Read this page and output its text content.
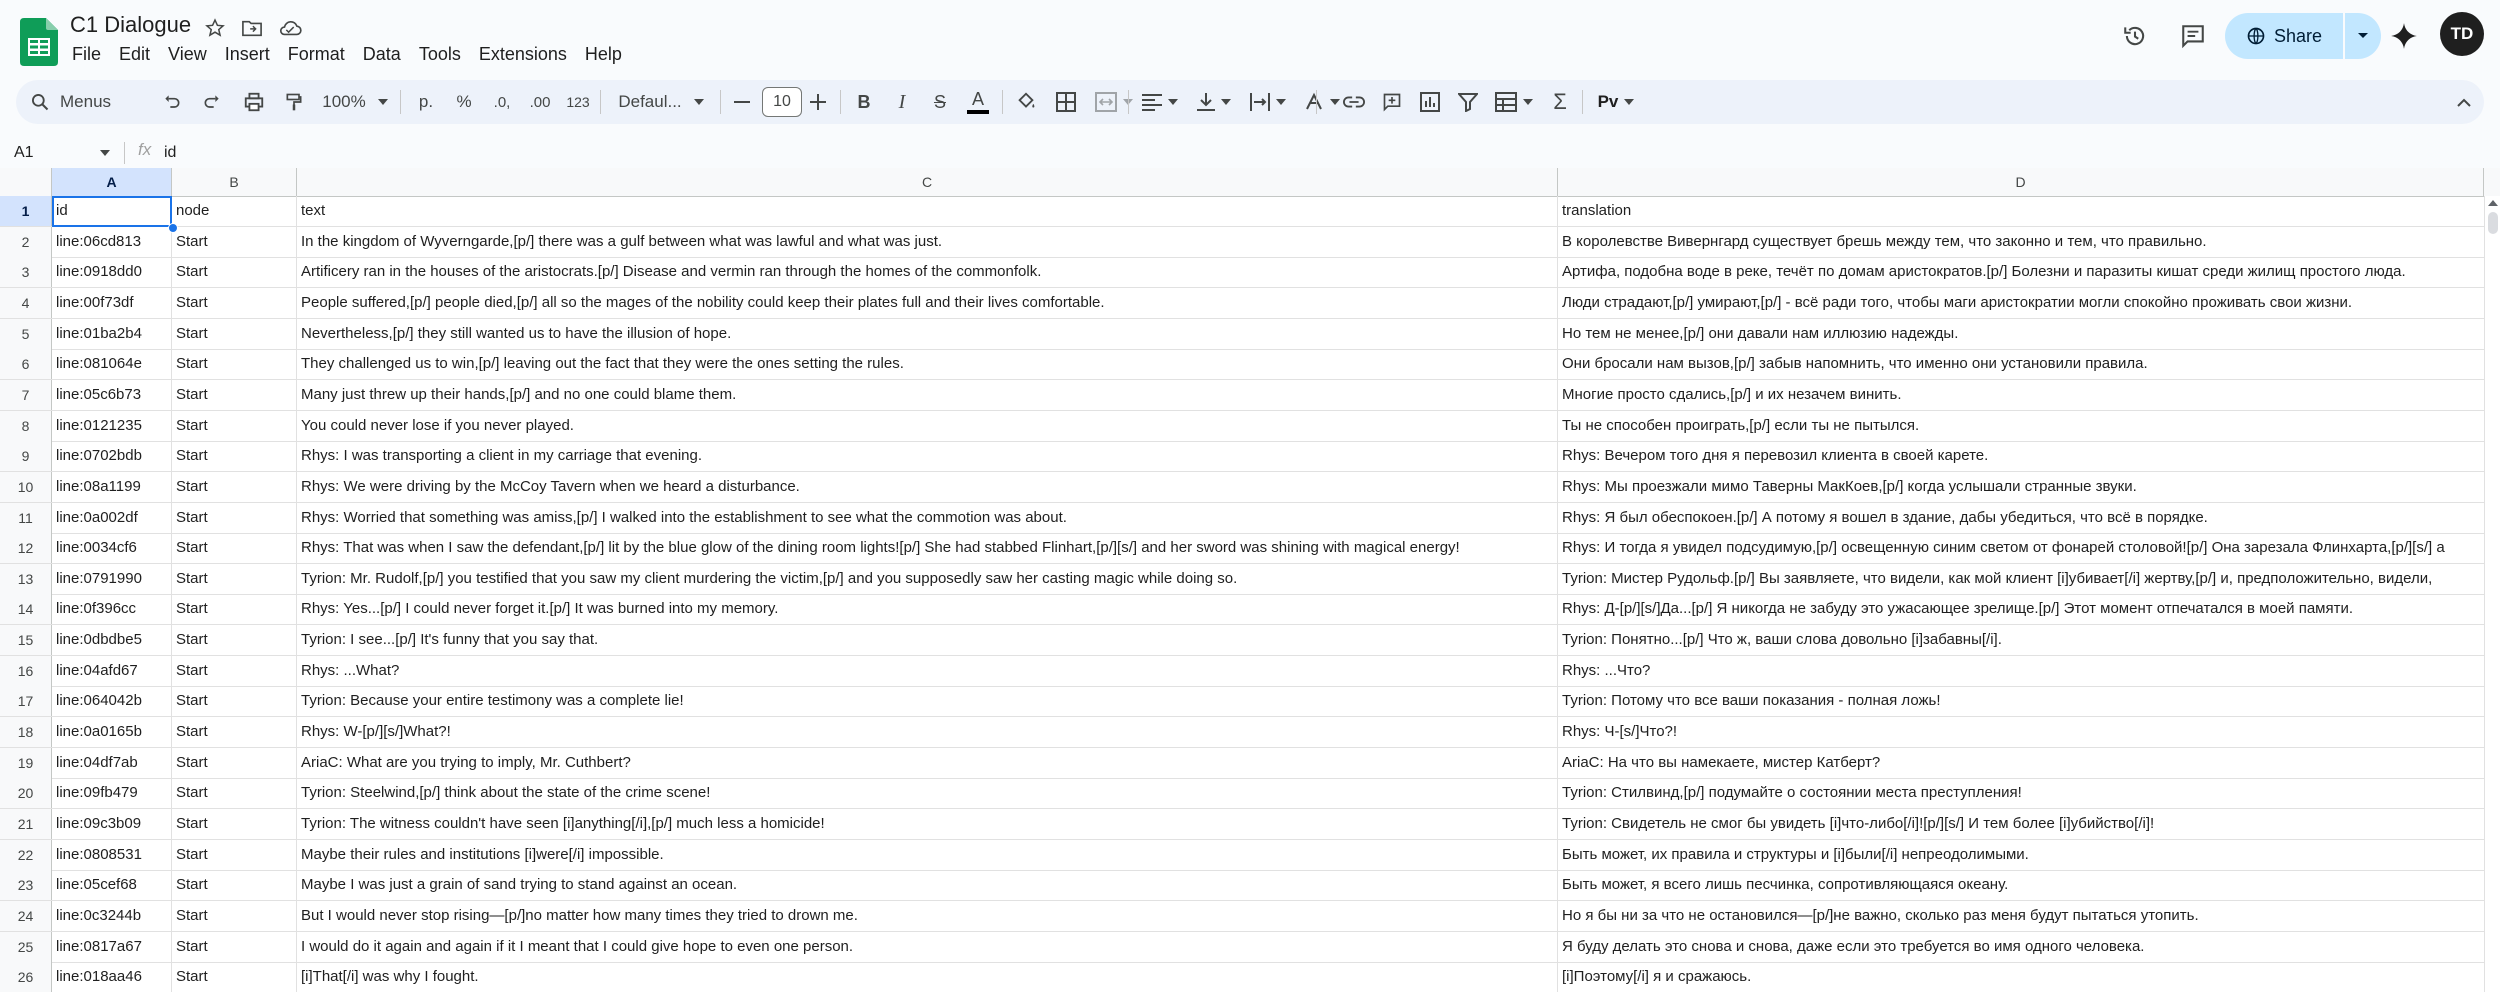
C1 Dialogue
File	Edit	View	Insert	Format	Data	Tools	Extensions	Help
Share	TD
Menus	100%	р.	%	.0,	.00	123	Defaul...	10	B	I	S	A	Σ	Pv
A1	fx id
A	B	C	D
1	id	node	text	translation
2	line:06cd813	Start	In the kingdom of Wyverngarde,[p/] there was a gulf between what was lawful and what was just.	В королевстве Вивернгард существует брешь между тем, что законно и тем, что правильно.
3	line:0918dd0	Start	Artificery ran in the houses of the aristocrats.[p/] Disease and vermin ran through the homes of the commonfolk.	Артифа, подобна воде в реке, течёт по домам аристократов.[p/] Болезни и паразиты кишат среди жилищ простого люда.
4	line:00f73df	Start	People suffered,[p/] people died,[p/] all so the mages of the nobility could keep their plates full and their lives comfortable.	Люди страдают,[p/] умирают,[p/] - всё ради того, чтобы маги аристократии могли спокойно проживать свои жизни.
5	line:01ba2b4	Start	Nevertheless,[p/] they still wanted us to have the illusion of hope.	Но тем не менее,[p/] они давали нам иллюзию надежды.
6	line:081064e	Start	They challenged us to win,[p/] leaving out the fact that they were the ones setting the rules.	Они бросали нам вызов,[p/] забыв напомнить, что именно они установили правила.
7	line:05c6b73	Start	Many just threw up their hands,[p/] and no one could blame them.	Многие просто сдались,[p/] и их незачем винить.
8	line:0121235	Start	You could never lose if you never played.	Ты не способен проиграть,[p/] если ты не пытылся.
9	line:0702bdb	Start	Rhys: I was transporting a client in my carriage that evening.	Rhys: Вечером того дня я перевозил клиента в своей карете.
10	line:08a1199	Start	Rhys: We were driving by the McCoy Tavern when we heard a disturbance.	Rhys: Мы проезжали мимо Таверны МакКоев,[p/] когда услышали странные звуки.
11	line:0a002df	Start	Rhys: Worried that something was amiss,[p/] I walked into the establishment to see what the commotion was about.	Rhys: Я был обеспокоен.[p/] А потому я вошел в здание, дабы убедиться, что всё в порядке.
12	line:0034cf6	Start	Rhys: That was when I saw the defendant,[p/] lit by the blue glow of the dining room lights![p/] She had stabbed Flinhart,[p/][s/] and her sword was shining with magical energy!	Rhys: И тогда я увидел подсудимую,[p/] освещенную синим светом от фонарей столовой![p/] Она зарезала Флинхарта,[p/][s/] а
13	line:0791990	Start	Tyrion: Mr. Rudolf,[p/] you testified that you saw my client murdering the victim,[p/] and you supposedly saw her casting magic while doing so.	Tyrion: Мистер Рудольф.[p/] Вы заявляете, что видели, как мой клиент [i]убивает[/i] жертву,[p/] и, предположительно, видели,
14	line:0f396cc	Start	Rhys: Yes...[p/] I could never forget it.[p/] It was burned into my memory.	Rhys: Д-[p/][s/]Да...[p/] Я никогда не забуду это ужасающее зрелище.[p/] Этот момент отпечатался в моей памяти.
15	line:0dbdbe5	Start	Tyrion: I see...[p/] It's funny that you say that.	Tyrion: Понятно...[p/] Что ж, ваши слова довольно [i]забавны[/i].
16	line:04afd67	Start	Rhys: ...What?	Rhys: ...Что?
17	line:064042b	Start	Tyrion: Because your entire testimony was a complete lie!	Tyrion: Потому что все ваши показания - полная ложь!
18	line:0a0165b	Start	Rhys: W-[p/][s/]What?!	Rhys: Ч-[s/]Что?!
19	line:04df7ab	Start	AriaC: What are you trying to imply, Mr. Cuthbert?	AriaC: На что вы намекаете, мистер Катберт?
20	line:09fb479	Start	Tyrion: Steelwind,[p/] think about the state of the crime scene!	Tyrion: Стилвинд,[p/] подумайте о состоянии места преступления!
21	line:09c3b09	Start	Tyrion: The witness couldn't have seen [i]anything[/i],[p/] much less a homicide!	Tyrion: Свидетель не смог бы увидеть [i]что-либо[/i]![p/][s/] И тем более [i]убийство[/i]!
22	line:0808531	Start	Maybe their rules and institutions [i]were[/i] impossible.	Быть может, их правила и структуры и [i]были[/i] непреодолимыми.
23	line:05cef68	Start	Maybe I was just a grain of sand trying to stand against an ocean.	Быть может, я всего лишь песчинка, сопротивляющаяся океану.
24	line:0c3244b	Start	But I would never stop rising—[p/]no matter how many times they tried to drown me.	Но я бы ни за что не остановился—[p/]не важно, сколько раз меня будут пытаться утопить.
25	line:0817a67	Start	I would do it again and again if it I meant that I could give hope to even one person.	Я буду делать это снова и снова, даже если это требуется во имя одного человека.
26	line:018aa46	Start	[i]That[/i] was why I fought.	[i]Поэтому[/i] я и сражаюсь.
